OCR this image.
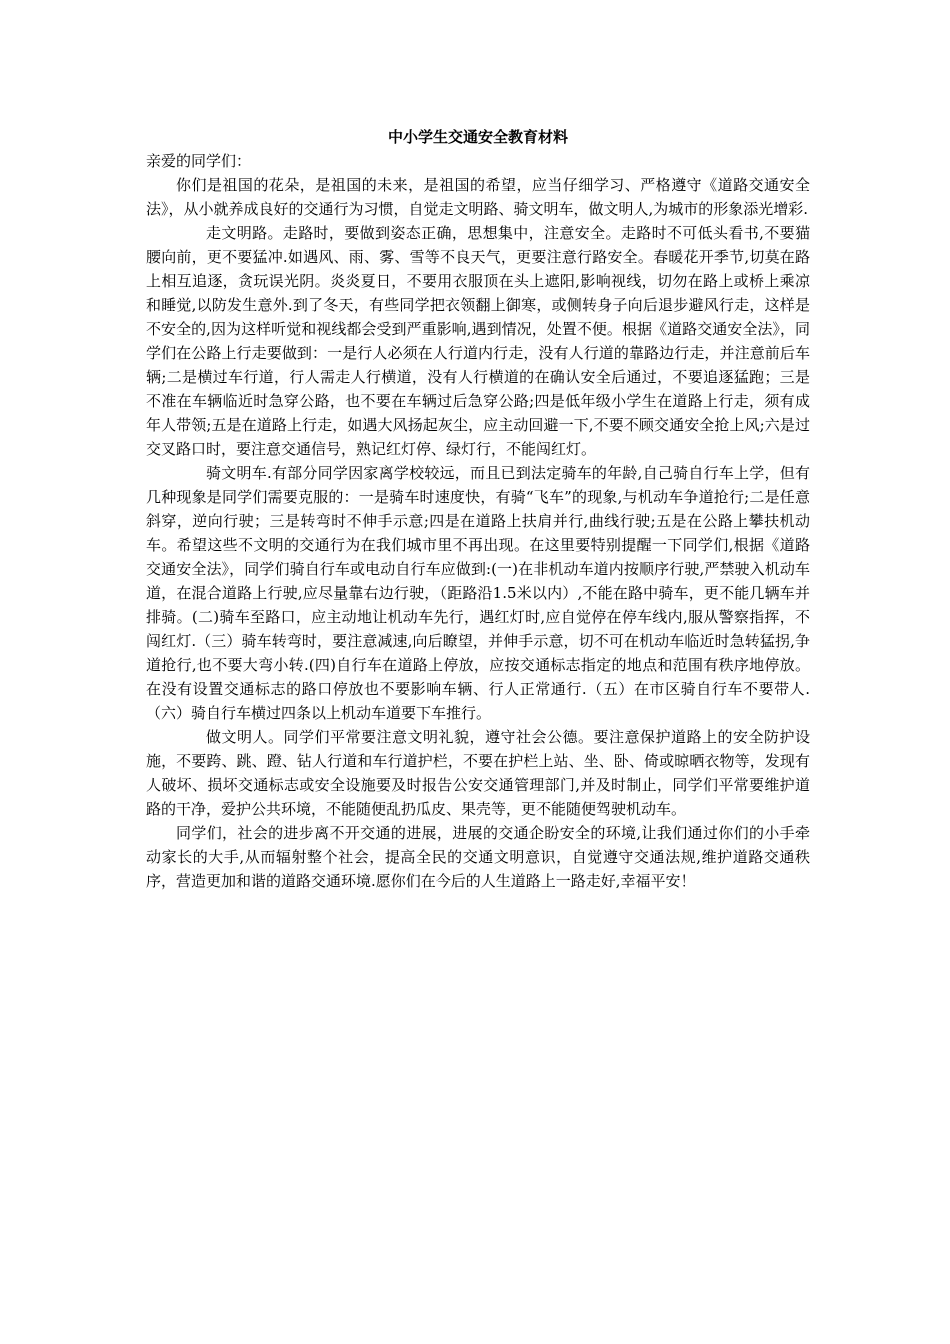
中小学生交通安全教育材料

亲爱的同学们：

你们是祖国的花朵，是祖国的未来，是祖国的希望，应当仔细学习、严格遵守《道路交通安全法》，从小就养成良好的交通行为习惯，自觉走文明路、骑文明车，做文明人,为城市的形象添光增彩.

走文明路。走路时，要做到姿态正确，思想集中，注意安全。走路时不可低头看书,不要猫腰向前，更不要猛冲.如遇风、雨、雾、雪等不良天气，更要注意行路安全。春暖花开季节,切莫在路上相互追逐，贪玩误光阴。炎炎夏日，不要用衣服顶在头上遮阳,影响视线，切勿在路上或桥上乘凉和睡觉,以防发生意外.到了冬天，有些同学把衣领翻上御寒，或侧转身子向后退步避风行走，这样是不安全的,因为这样听觉和视线都会受到严重影响,遇到情况，处置不便。根据《道路交通安全法》，同学们在公路上行走要做到：一是行人必须在人行道内行走，没有人行道的靠路边行走，并注意前后车辆;二是横过车行道，行人需走人行横道，没有人行横道的在确认安全后通过，不要追逐猛跑；三是不准在车辆临近时急穿公路，也不要在车辆过后急穿公路;四是低年级小学生在道路上行走，须有成年人带领;五是在道路上行走，如遇大风扬起灰尘，应主动回避一下,不要不顾交通安全抢上风;六是过交叉路口时，要注意交通信号，熟记红灯停、绿灯行，不能闯红灯。

骑文明车.有部分同学因家离学校较远，而且已到法定骑车的年龄,自己骑自行车上学，但有几种现象是同学们需要克服的：一是骑车时速度快，有骑“飞车”的现象,与机动车争道抢行;二是任意斜穿，逆向行驶；三是转弯时不伸手示意;四是在道路上扶肩并行,曲线行驶;五是在公路上攀扶机动车。希望这些不文明的交通行为在我们城市里不再出现。在这里要特别提醒一下同学们,根据《道路交通安全法》，同学们骑自行车或电动自行车应做到:(一)在非机动车道内按顺序行驶,严禁驶入机动车道，在混合道路上行驶,应尽量靠右边行驶，（距路沿1.5米以内）,不能在路中骑车，更不能几辆车并排骑。(二)骑车至路口，应主动地让机动车先行，遇红灯时,应自觉停在停车线内,服从警察指挥，不闯红灯.（三）骑车转弯时，要注意减速,向后瞭望，并伸手示意，切不可在机动车临近时急转猛拐,争道抢行,也不要大弯小转.(四)自行车在道路上停放，应按交通标志指定的地点和范围有秩序地停放。在没有设置交通标志的路口停放也不要影响车辆、行人正常通行.（五）在市区骑自行车不要带人.（六）骑自行车横过四条以上机动车道要下车推行。

做文明人。同学们平常要注意文明礼貌，遵守社会公德。要注意保护道路上的安全防护设施，不要跨、跳、蹬、钻人行道和车行道护栏，不要在护栏上站、坐、卧、倚或晾晒衣物等，发现有人破坏、损坏交通标志或安全设施要及时报告公安交通管理部门,并及时制止，同学们平常要维护道路的干净，爱护公共环境，不能随便乱扔瓜皮、果壳等，更不能随便驾驶机动车。

同学们，社会的进步离不开交通的进展，进展的交通企盼安全的环境,让我们通过你们的小手牵动家长的大手,从而辐射整个社会，提高全民的交通文明意识，自觉遵守交通法规,维护道路交通秩序，营造更加和谐的道路交通环境.愿你们在今后的人生道路上一路走好,幸福平安！
